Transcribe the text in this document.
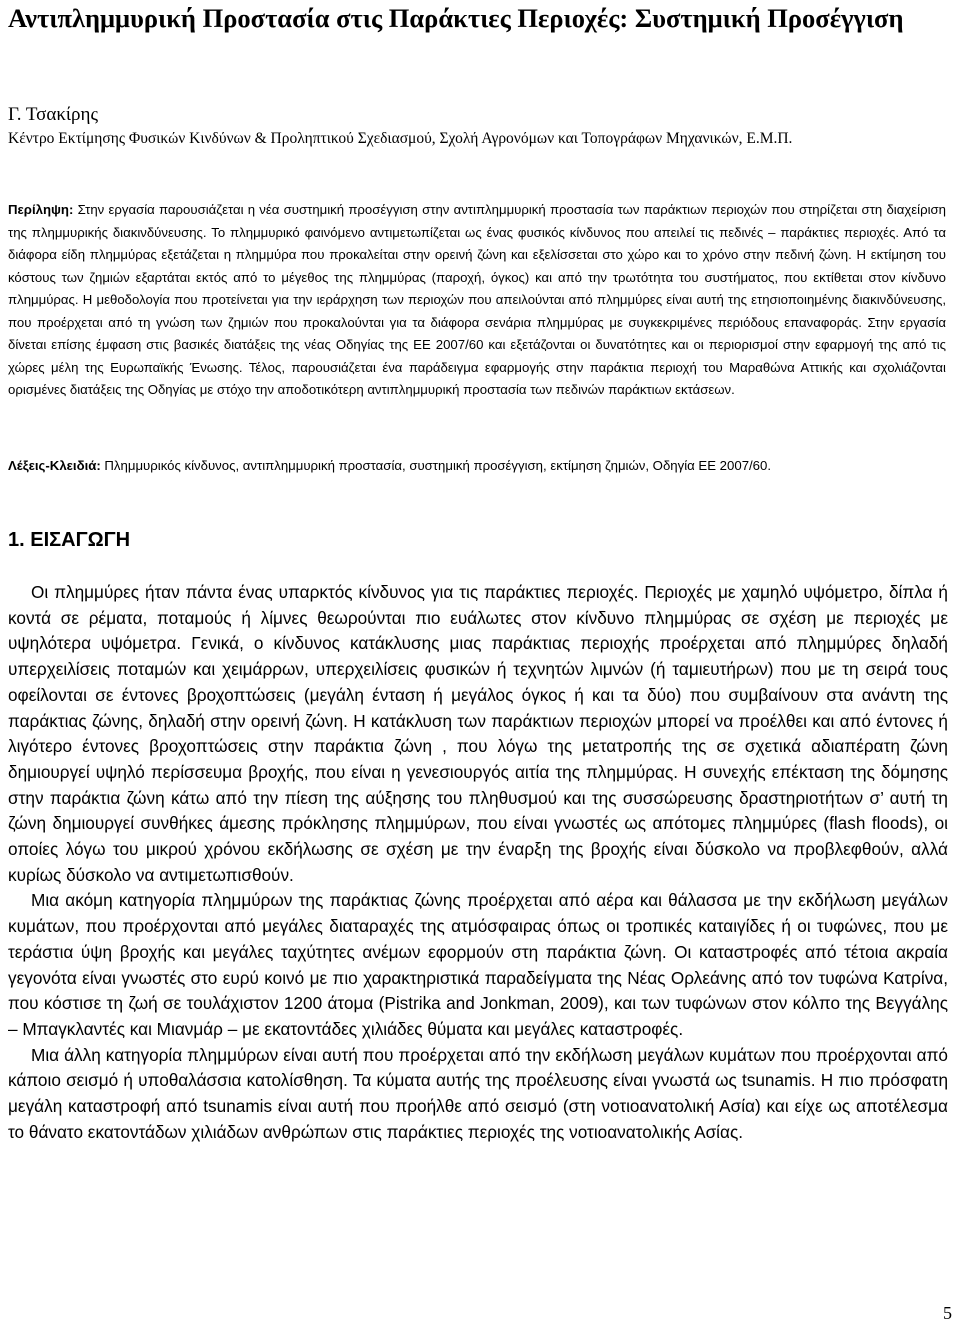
Αντιπλημμυρική Προστασία στις Παράκτιες Περιοχές: Συστημική Προσέγγιση
Γ. Τσακίρης
Κέντρο Εκτίμησης Φυσικών Κινδύνων & Προληπτικού Σχεδιασμού, Σχολή Αγρονόμων και Τοπογράφων Μηχανικών, Ε.Μ.Π.

Περίληψη: Στην εργασία παρουσιάζεται η νέα συστημική προσέγγιση στην αντιπλημμυρική προστασία των παράκτιων περιοχών που στηρίζεται στη διαχείριση της πλημμυρικής διακινδύνευσης. Το πλημμυρικό φαινόμενο αντιμετωπίζεται ως ένας φυσικός κίνδυνος που απειλεί τις πεδινές – παράκτιες περιοχές. Από τα διάφορα είδη πλημμύρας εξετάζεται η πλημμύρα που προκαλείται στην ορεινή ζώνη και εξελίσσεται στο χώρο και το χρόνο στην πεδινή ζώνη. Η εκτίμηση του κόστους των ζημιών εξαρτάται εκτός από το μέγεθος της πλημμύρας (παροχή, όγκος) και από την τρωτότητα του συστήματος, που εκτίθεται στον κίνδυνο πλημμύρας. Η μεθοδολογία που προτείνεται για την ιεράρχηση των περιοχών που απειλούνται από πλημμύρες είναι αυτή της ετησιοποιημένης διακινδύνευσης, που προέρχεται από τη γνώση των ζημιών που προκαλούνται για τα διάφορα σενάρια πλημμύρας με συγκεκριμένες περιόδους επαναφοράς. Στην εργασία δίνεται επίσης έμφαση στις βασικές διατάξεις της νέας Οδηγίας της ΕΕ 2007/60 και εξετάζονται οι δυνατότητες και οι περιορισμοί στην εφαρμογή της από τις χώρες μέλη της Ευρωπαϊκής Ένωσης. Τέλος, παρουσιάζεται ένα παράδειγμα εφαρμογής στην παράκτια περιοχή του Μαραθώνα Αττικής και σχολιάζονται ορισμένες διατάξεις της Οδηγίας με στόχο την αποδοτικότερη αντιπλημμυρική προστασία των πεδινών παράκτιων εκτάσεων.

Λέξεις-Κλειδιά: Πλημμυρικός κίνδυνος, αντιπλημμυρική προστασία, συστημική προσέγγιση, εκτίμηση ζημιών, Οδηγία ΕΕ 2007/60.

1. ΕΙΣΑΓΩΓΗ

Οι πλημμύρες ήταν πάντα ένας υπαρκτός κίνδυνος για τις παράκτιες περιοχές. Περιοχές με χαμηλό υψόμετρο, δίπλα ή κοντά σε ρέματα, ποταμούς ή λίμνες θεωρούνται πιο ευάλωτες στον κίνδυνο πλημμύρας σε σχέση με περιοχές με υψηλότερα υψόμετρα. Γενικά, ο κίνδυνος κατάκλυσης μιας παράκτιας περιοχής προέρχεται από πλημμύρες δηλαδή υπερχειλίσεις ποταμών και χειμάρρων, υπερχειλίσεις φυσικών ή τεχνητών λιμνών (ή ταμιευτήρων) που με τη σειρά τους οφείλονται σε έντονες βροχοπτώσεις (μεγάλη ένταση ή μεγάλος όγκος ή και τα δύο) που συμβαίνουν στα ανάντη της παράκτιας ζώνης, δηλαδή στην ορεινή ζώνη. Η κατάκλυση των παράκτιων περιοχών μπορεί να προέλθει και από έντονες ή λιγότερο έντονες βροχοπτώσεις στην παράκτια ζώνη , που λόγω της μετατροπής της σε σχετικά αδιαπέρατη ζώνη δημιουργεί υψηλό περίσσευμα βροχής, που είναι η γενεσιουργός αιτία της πλημμύρας. Η συνεχής επέκταση της δόμησης στην παράκτια ζώνη κάτω από την πίεση της αύξησης του πληθυσμού και της συσσώρευσης δραστηριοτήτων σ’ αυτή τη ζώνη δημιουργεί συνθήκες άμεσης πρόκλησης πλημμύρων, που είναι γνωστές ως απότομες πλημμύρες (flash floods), οι οποίες λόγω του μικρού χρόνου εκδήλωσης σε σχέση με την έναρξη της βροχής είναι δύσκολο να προβλεφθούν, αλλά κυρίως δύσκολο να αντιμετωπισθούν.

Μια ακόμη κατηγορία πλημμύρων της παράκτιας ζώνης προέρχεται από αέρα και θάλασσα με την εκδήλωση μεγάλων κυμάτων, που προέρχονται από μεγάλες διαταραχές της ατμόσφαιρας όπως οι τροπικές καταιγίδες ή οι τυφώνες, που με τεράστια ύψη βροχής και μεγάλες ταχύτητες ανέμων εφορμούν στη παράκτια ζώνη. Οι καταστροφές από τέτοια ακραία γεγονότα είναι γνωστές στο ευρύ κοινό με πιο χαρακτηριστικά παραδείγματα της Νέας Ορλεάνης από τον τυφώνα Κατρίνα, που κόστισε τη ζωή σε τουλάχιστον 1200 άτομα (Pistrika and Jonkman, 2009), και των τυφώνων στον κόλπο της Βεγγάλης – Μπαγκλαντές και Μιανμάρ – με εκατοντάδες χιλιάδες θύματα και μεγάλες καταστροφές.

Μια άλλη κατηγορία πλημμύρων είναι αυτή που προέρχεται από την εκδήλωση μεγάλων κυμάτων που προέρχονται από κάποιο σεισμό ή υποθαλάσσια κατολίσθηση. Τα κύματα αυτής της προέλευσης είναι γνωστά ως tsunamis. Η πιο πρόσφατη μεγάλη καταστροφή από tsunamis είναι αυτή που προήλθε από σεισμό (στη νοτιοανατολική Ασία) και είχε ως αποτέλεσμα το θάνατο εκατοντάδων χιλιάδων ανθρώπων στις παράκτιες περιοχές της νοτιοανατολικής Ασίας.

5
